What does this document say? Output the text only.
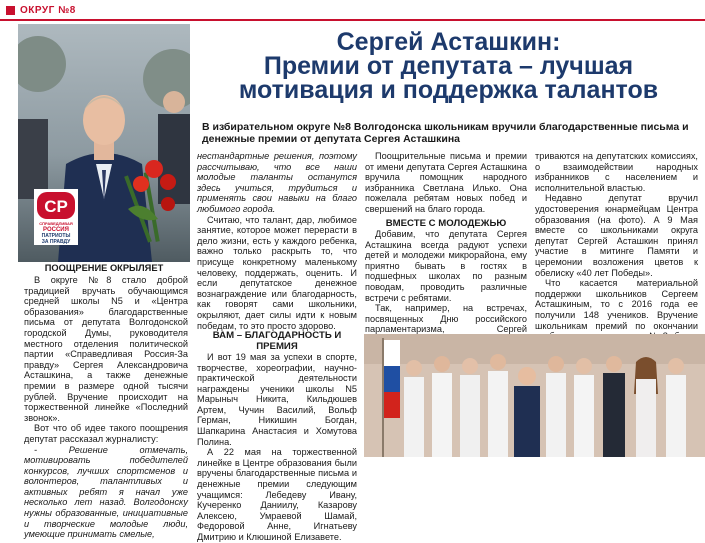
ОКРУГ №8
СР
СПРАВЕДЛИВАЯ
РОССИЯ
ПАТРИОТЫ
ЗА ПРАВДУ
ПООЩРЕНИЕ ОКРЫЛЯЕТ
Сергей Асташкин:
Премии от депутата – лучшая
мотивация и поддержка талантов
В избирательном округе №8 Волгодонска школьникам вручили благодарственные письма и денежные премии от депутата Сергея Асташкина

В округе №8 стало доброй традицией вручать обучающимся средней школы N5 и «Центра образования» благодарственные письма от депутата Волгодонской городской Думы, руководителя местного отделения политической партии «Справедливая Россия-За правду» Сергея Александровича Асташкина, а также денежные премии в размере одной тысячи рублей. Вручение происходит на торжественной линейке «Последний звонок».

Вот что об идее такого поощрения депутат рассказал журналисту:

- Решение отмечать, мотивировать победителей конкурсов, лучших спортсменов и волонтеров, талантливых и активных ребят я начал уже несколько лет назад. Волгодонску нужны образованные, инициативные и творческие молодые люди, умеющие принимать смелые,

нестандартные решения, поэтому рассчитываю, что все наши молодые таланты останутся здесь учиться, трудиться и применять свои навыки на благо любимого города.

Считаю, что талант, дар, любимое занятие, которое может перерасти в дело жизни, есть у каждого ребенка, важно только раскрыть то, что присуще конкретному маленькому человеку, поддержать, оценить. И если депутатское денежное вознаграждение или благодарность, как говорят сами школьники, окрыляют, дает силы идти к новым победам, то это просто здорово.

ВАМ – БЛАГОДАРНОСТЬ И ПРЕМИЯ

И вот 19 мая за успехи в спорте, творчестве, хореографии, научно-практической деятельности награждены ученики школы N5 Марыныч Никита, Кильдюшев Артем, Чучин Василий, Вольф Герман, Никишин Богдан, Шапкарина Анастасия и Хомутова Полина.

А 22 мая на торжественной линейке в Центре образования были вручены благодарственные письма и денежные премии следующим учащимся: Лебедеву Ивану, Кучеренко Даниилу, Казарову Алексею, Умраевой Шамай, Федоровой Анне, Игнатьеву Дмитрию и Клюшиной Елизавете.

Поощрительные письма и премии от имени депутата Сергея Асташкина вручила помощник народного избранника Светлана Илько. Она пожелала ребятам новых побед и свершений на благо города.

ВМЕСТЕ С МОЛОДЕЖЬЮ

Добавим, что депутата Сергея Асташкина всегда радуют успехи детей и молодежи микрорайона, ему приятно бывать в гостях в подшефных школах по разным поводам, проводить различные встречи с ребятами.

Так, например, на встречах, посвященных Дню российского парламентаризма, Сергей

триваются на депутатских комиссиях, о взаимодействии народных избранников с населением и исполнительной властью.

Недавно депутат вручил удостоверения юнармейцам Центра образования (на фото). А 9 Мая вместе со школьниками округа депутат Сергей Асташкин принял участие в митинге Памяти и церемонии возложения цветов к обелиску «40 лет Победы».

Что касается материальной поддержки школьников Сергеем Асташкиным, то с 2016 года ее получили 148 учеников. Вручение школьникам премий по окончании
